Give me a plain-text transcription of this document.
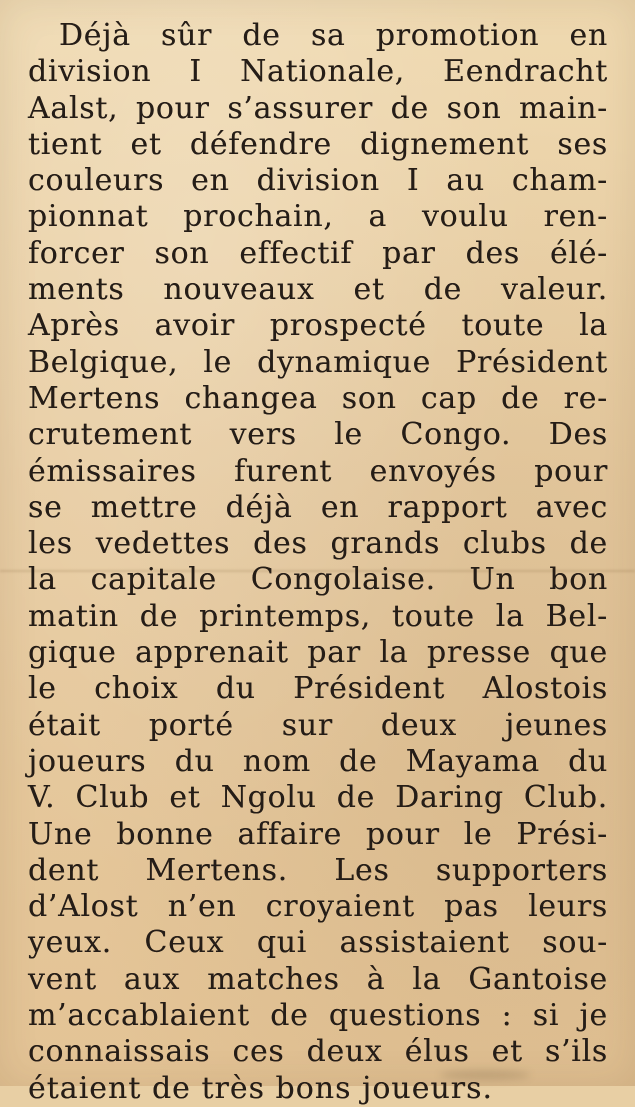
Déjà sûr de sa promotion en
division I Nationale, Eendracht
Aalst, pour s’assurer de son main-
tient et défendre dignement ses
couleurs en division I au cham-
pionnat prochain, a voulu ren-
forcer son effectif par des élé-
ments nouveaux et de valeur.
Après avoir prospecté toute la
Belgique, le dynamique Président
Mertens changea son cap de re-
crutement vers le Congo. Des
émissaires furent envoyés pour
se mettre déjà en rapport avec
les vedettes des grands clubs de
la capitale Congolaise. Un bon
matin de printemps, toute la Bel-
gique apprenait par la presse que
le choix du Président Alostois
était porté sur deux jeunes
joueurs du nom de Mayama du
V. Club et Ngolu de Daring Club.
Une bonne affaire pour le Prési-
dent Mertens. Les supporters
d’Alost n’en croyaient pas leurs
yeux. Ceux qui assistaient sou-
vent aux matches à la Gantoise
m’accablaient de questions : si je
connaissais ces deux élus et s’ils
étaient de très bons joueurs.
